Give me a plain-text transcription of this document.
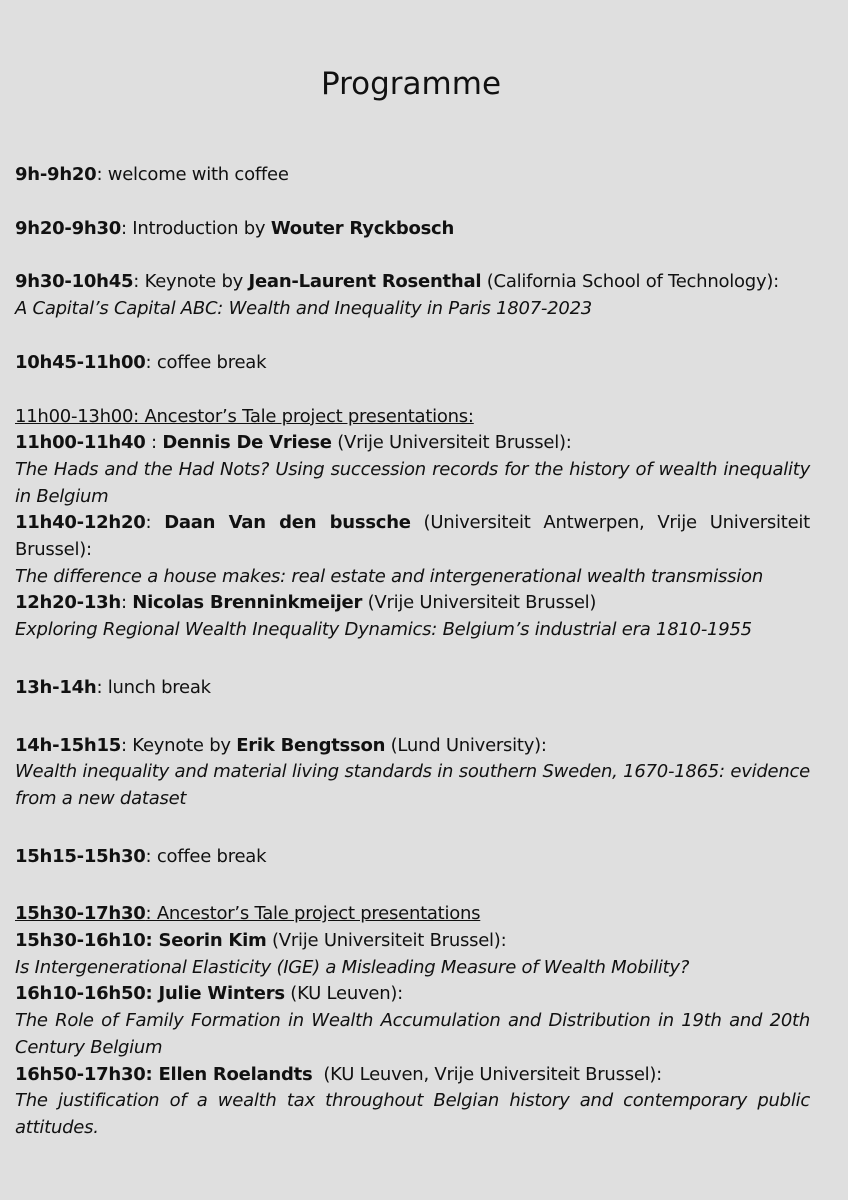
Programme

9h-9h20: welcome with coffee

9h20-9h30: Introduction by Wouter Ryckbosch

9h30-10h45: Keynote by Jean-Laurent Rosenthal (California School of Technology):

A Capital’s Capital ABC: Wealth and Inequality in Paris 1807-2023

10h45-11h00: coffee break

11h00-13h00: Ancestor’s Tale project presentations:

11h00-11h40 : Dennis De Vriese (Vrije Universiteit Brussel):

The Hads and the Had Nots? Using succession records for the history of wealth inequality in Belgium

11h40-12h20: Daan Van den bussche (Universiteit Antwerpen, Vrije Universiteit Brussel):

The difference a house makes: real estate and intergenerational wealth transmission

12h20-13h: Nicolas Brenninkmeijer (Vrije Universiteit Brussel)

Exploring Regional Wealth Inequality Dynamics: Belgium’s industrial era 1810-1955

13h-14h: lunch break

14h-15h15: Keynote by Erik Bengtsson (Lund University):

Wealth inequality and material living standards in southern Sweden, 1670-1865: evidence from a new dataset

15h15-15h30: coffee break

15h30-17h30: Ancestor’s Tale project presentations

15h30-16h10: Seorin Kim (Vrije Universiteit Brussel):

Is Intergenerational Elasticity (IGE) a Misleading Measure of Wealth Mobility?

16h10-16h50: Julie Winters (KU Leuven):

The Role of Family Formation in Wealth Accumulation and Distribution in 19th and 20th Century Belgium

16h50-17h30: Ellen Roelandts  (KU Leuven, Vrije Universiteit Brussel):

The justification of a wealth tax throughout Belgian history and contemporary public attitudes.
